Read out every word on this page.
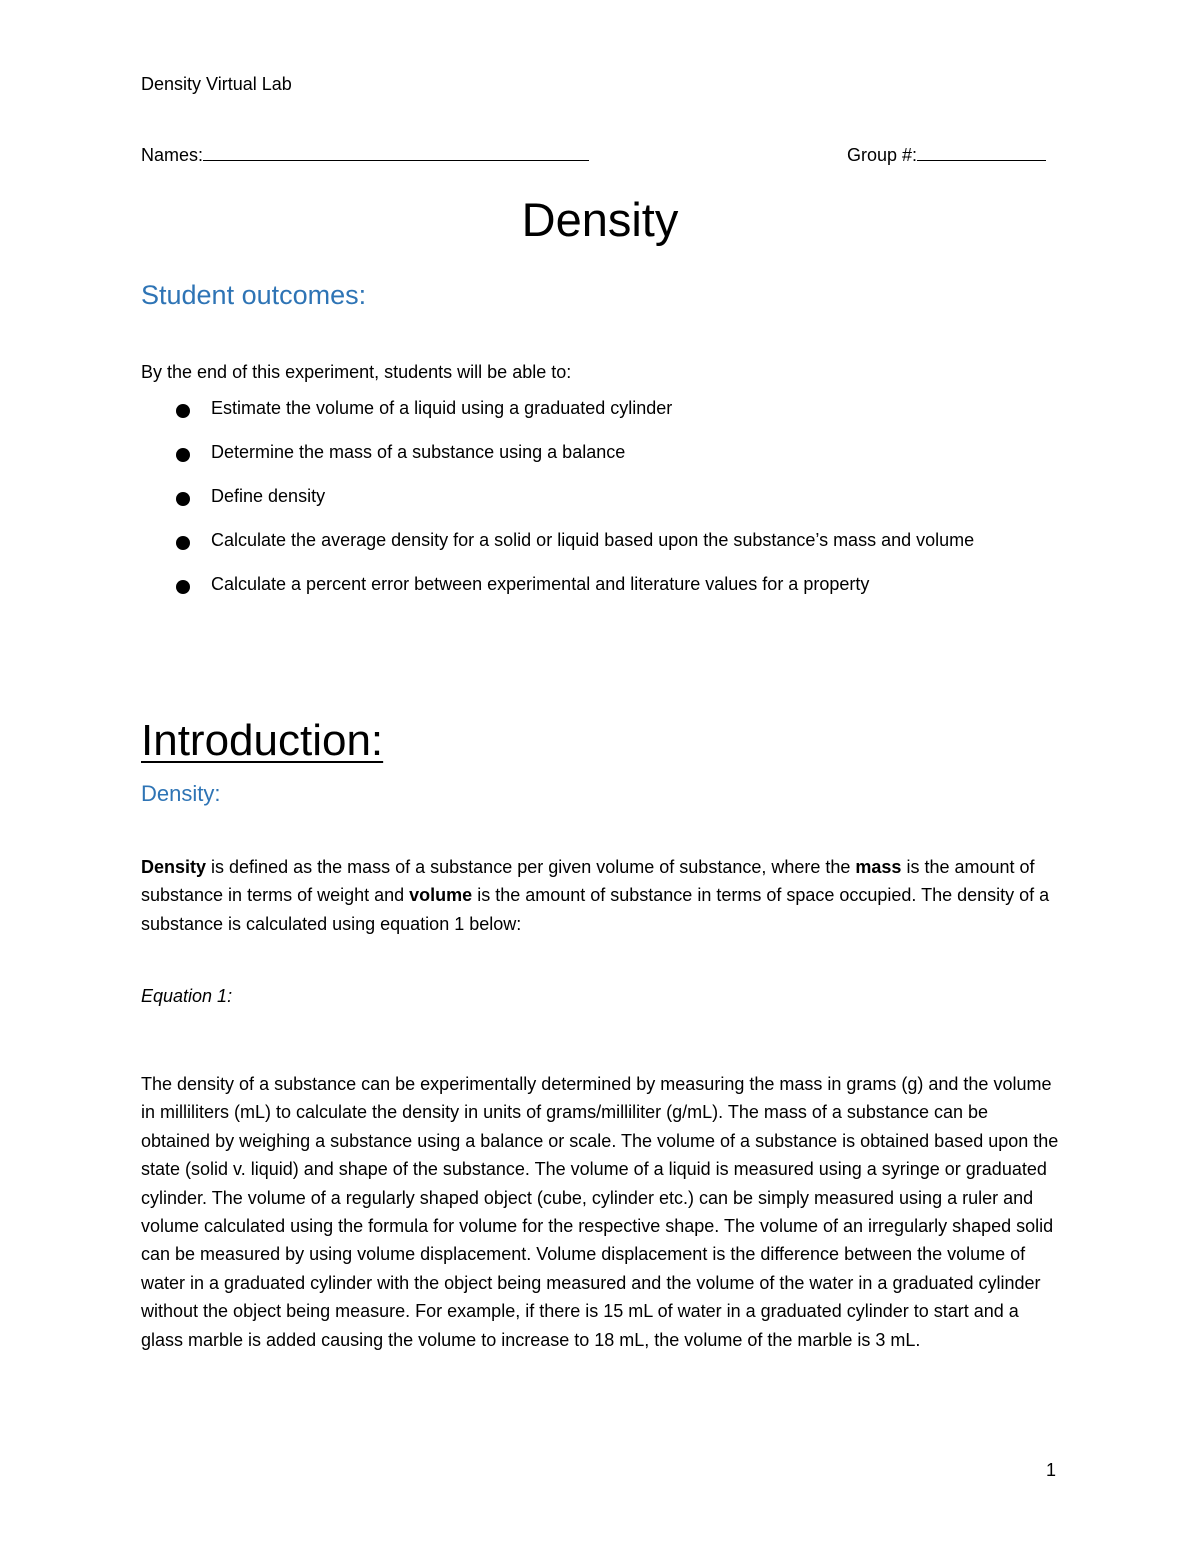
Density Virtual Lab
Names:	Group #:
Density
Student outcomes:
By the end of this experiment, students will be able to:
Estimate the volume of a liquid using a graduated cylinder
Determine the mass of a substance using a balance
Define density
Calculate the average density for a solid or liquid based upon the substance’s mass and volume
Calculate a percent error between experimental and literature values for a property
Introduction:
Density:
Density is defined as the mass of a substance per given volume of substance, where the mass is the amount of substance in terms of weight and volume is the amount of substance in terms of space occupied. The density of a substance is calculated using equation 1 below:
Equation 1:
The density of a substance can be experimentally determined by measuring the mass in grams (g) and the volume in milliliters (mL) to calculate the density in units of grams/milliliter (g/mL). The mass of a substance can be obtained by weighing a substance using a balance or scale. The volume of a substance is obtained based upon the state (solid v. liquid) and shape of the substance. The volume of a liquid is measured using a syringe or graduated cylinder. The volume of a regularly shaped object (cube, cylinder etc.) can be simply measured using a ruler and volume calculated using the formula for volume for the respective shape. The volume of an irregularly shaped solid can be measured by using volume displacement. Volume displacement is the difference between the volume of water in a graduated cylinder with the object being measured and the volume of the water in a graduated cylinder without the object being measure. For example, if there is 15 mL of water in a graduated cylinder to start and a glass marble is added causing the volume to increase to 18 mL, the volume of the marble is 3 mL.
1
